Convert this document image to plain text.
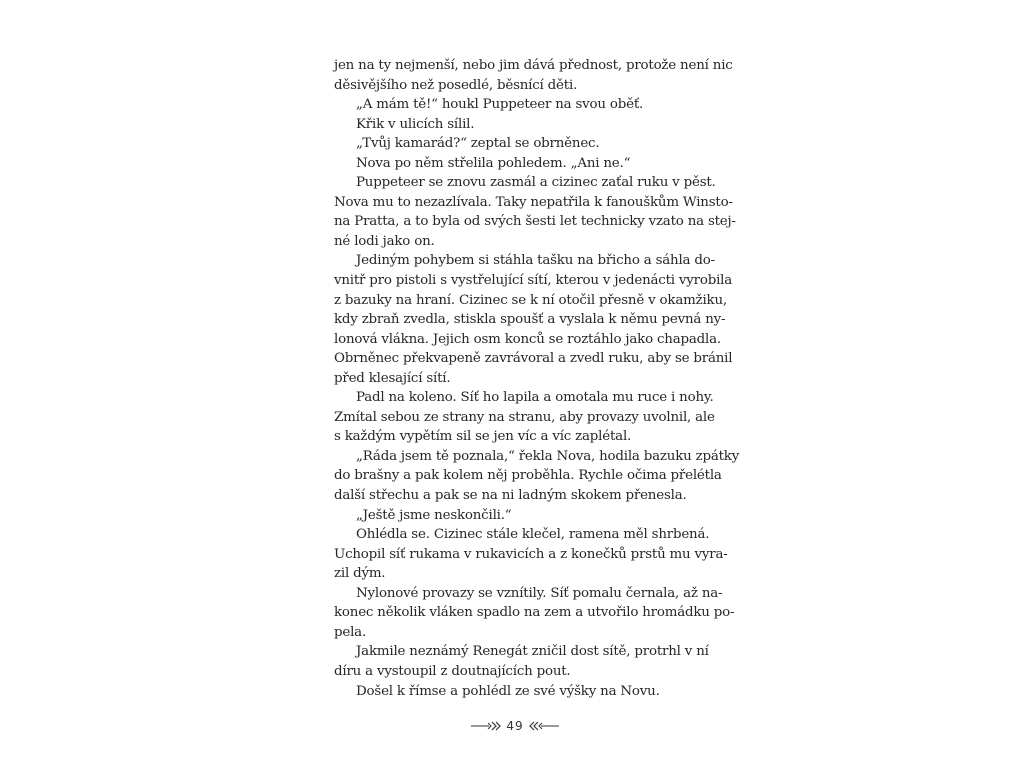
jen na ty nejmenší, nebo jim dává přednost, protože není nic
děsivějšího než posedlé, běsnící děti.
„A mám tě!“ houkl Puppeteer na svou oběť.
Křik v ulicích sílil.
„Tvůj kamarád?“ zeptal se obrněnec.
Nova po něm střelila pohledem. „Ani ne.“
Puppeteer se znovu zasmál a cizinec zaťal ruku v pěst.
Nova mu to nezazlívala. Taky nepatřila k fanouškům Winsto-
na Pratta, a to byla od svých šesti let technicky vzato na stej-
né lodi jako on.
Jediným pohybem si stáhla tašku na břicho a sáhla do-
vnitř pro pistoli s vystřelující sítí, kterou v jedenácti vyrobila
z bazuky na hraní. Cizinec se k ní otočil přesně v okamžiku,
kdy zbraň zvedla, stiskla spoušť a vyslala k němu pevná ny-
lonová vlákna. Jejich osm konců se roztáhlo jako chapadla.
Obrněnec překvapeně zavrávoral a zvedl ruku, aby se bránil
před klesající sítí.
Padl na koleno. Síť ho lapila a omotala mu ruce i nohy.
Zmítal sebou ze strany na stranu, aby provazy uvolnil, ale
s každým vypětím sil se jen víc a víc zaplétal.
„Ráda jsem tě poznala,“ řekla Nova, hodila bazuku zpátky
do brašny a pak kolem něj proběhla. Rychle očima přelétla
další střechu a pak se na ni ladným skokem přenesla.
„Ještě jsme neskončili.“
Ohlédla se. Cizinec stále klečel, ramena měl shrbená.
Uchopil síť rukama v rukavicích a z konečků prstů mu vyra-
zil dým.
Nylonové provazy se vznítily. Síť pomalu černala, až na-
konec několik vláken spadlo na zem a utvořilo hromádku po-
pela.
Jakmile neznámý Renegát zničil dost sítě, protrhl v ní
díru a vystoupil z doutnajících pout.
Došel k římse a pohlédl ze své výšky na Novu.
49
